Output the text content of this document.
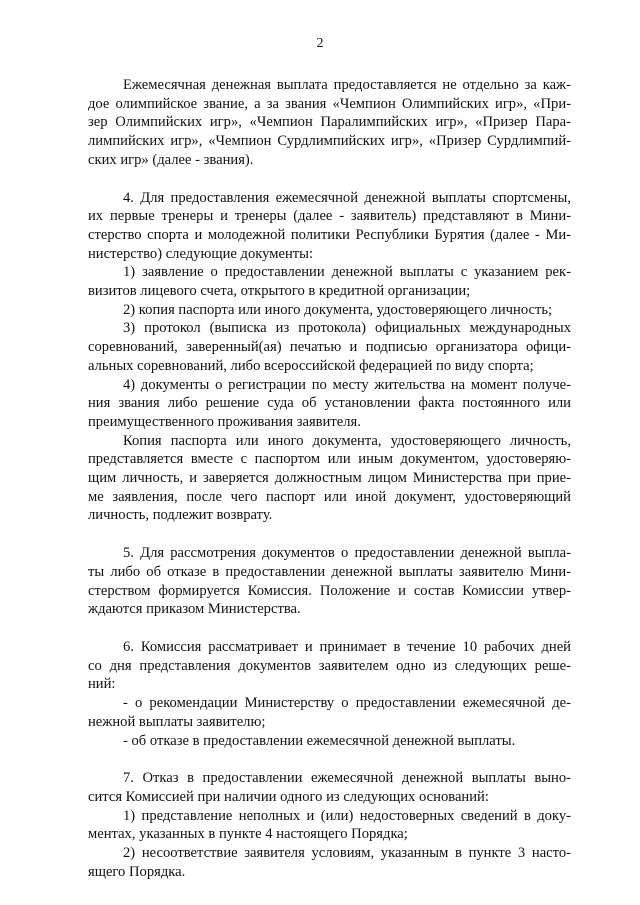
2
Ежемесячная денежная выплата предоставляется не отдельно за каж-
дое олимпийское звание, а за звания «Чемпион Олимпийских игр», «При-
зер Олимпийских игр», «Чемпион Паралимпийских игр», «Призер Пара-
лимпийских игр», «Чемпион Сурдлимпийских игр», «Призер Сурдлимпий-
ских игр» (далее - звания).
4. Для предоставления ежемесячной денежной выплаты спортсмены,
их первые тренеры и тренеры (далее - заявитель) представляют в Мини-
стерство спорта и молодежной политики Республики Бурятия (далее - Ми-
нистерство) следующие документы:
1) заявление о предоставлении денежной выплаты с указанием рек-
визитов лицевого счета, открытого в кредитной организации;
2) копия паспорта или иного документа, удостоверяющего личность;
3) протокол (выписка из протокола) официальных международных
соревнований, заверенный(ая) печатью и подписью организатора офици-
альных соревнований, либо всероссийской федерацией по виду спорта;
4) документы о регистрации по месту жительства на момент получе-
ния звания либо решение суда об установлении факта постоянного или
преимущественного проживания заявителя.
Копия паспорта или иного документа, удостоверяющего личность,
представляется вместе с паспортом или иным документом, удостоверяю-
щим личность, и заверяется должностным лицом Министерства при прие-
ме заявления, после чего паспорт или иной документ, удостоверяющий
личность, подлежит возврату.
5. Для рассмотрения документов о предоставлении денежной выпла-
ты либо об отказе в предоставлении денежной выплаты заявителю Мини-
стерством формируется Комиссия. Положение и состав Комиссии утвер-
ждаются приказом Министерства.
6. Комиссия рассматривает и принимает в течение 10 рабочих дней
со дня представления документов заявителем одно из следующих реше-
ний:
- о рекомендации Министерству о предоставлении ежемесячной де-
нежной выплаты заявителю;
- об отказе в предоставлении ежемесячной денежной выплаты.
7. Отказ в предоставлении ежемесячной денежной выплаты выно-
сится Комиссией при наличии одного из следующих оснований:
1) представление неполных и (или) недостоверных сведений в доку-
ментах, указанных в пункте 4 настоящего Порядка;
2) несоответствие заявителя условиям, указанным в пункте 3 насто-
ящего Порядка.
